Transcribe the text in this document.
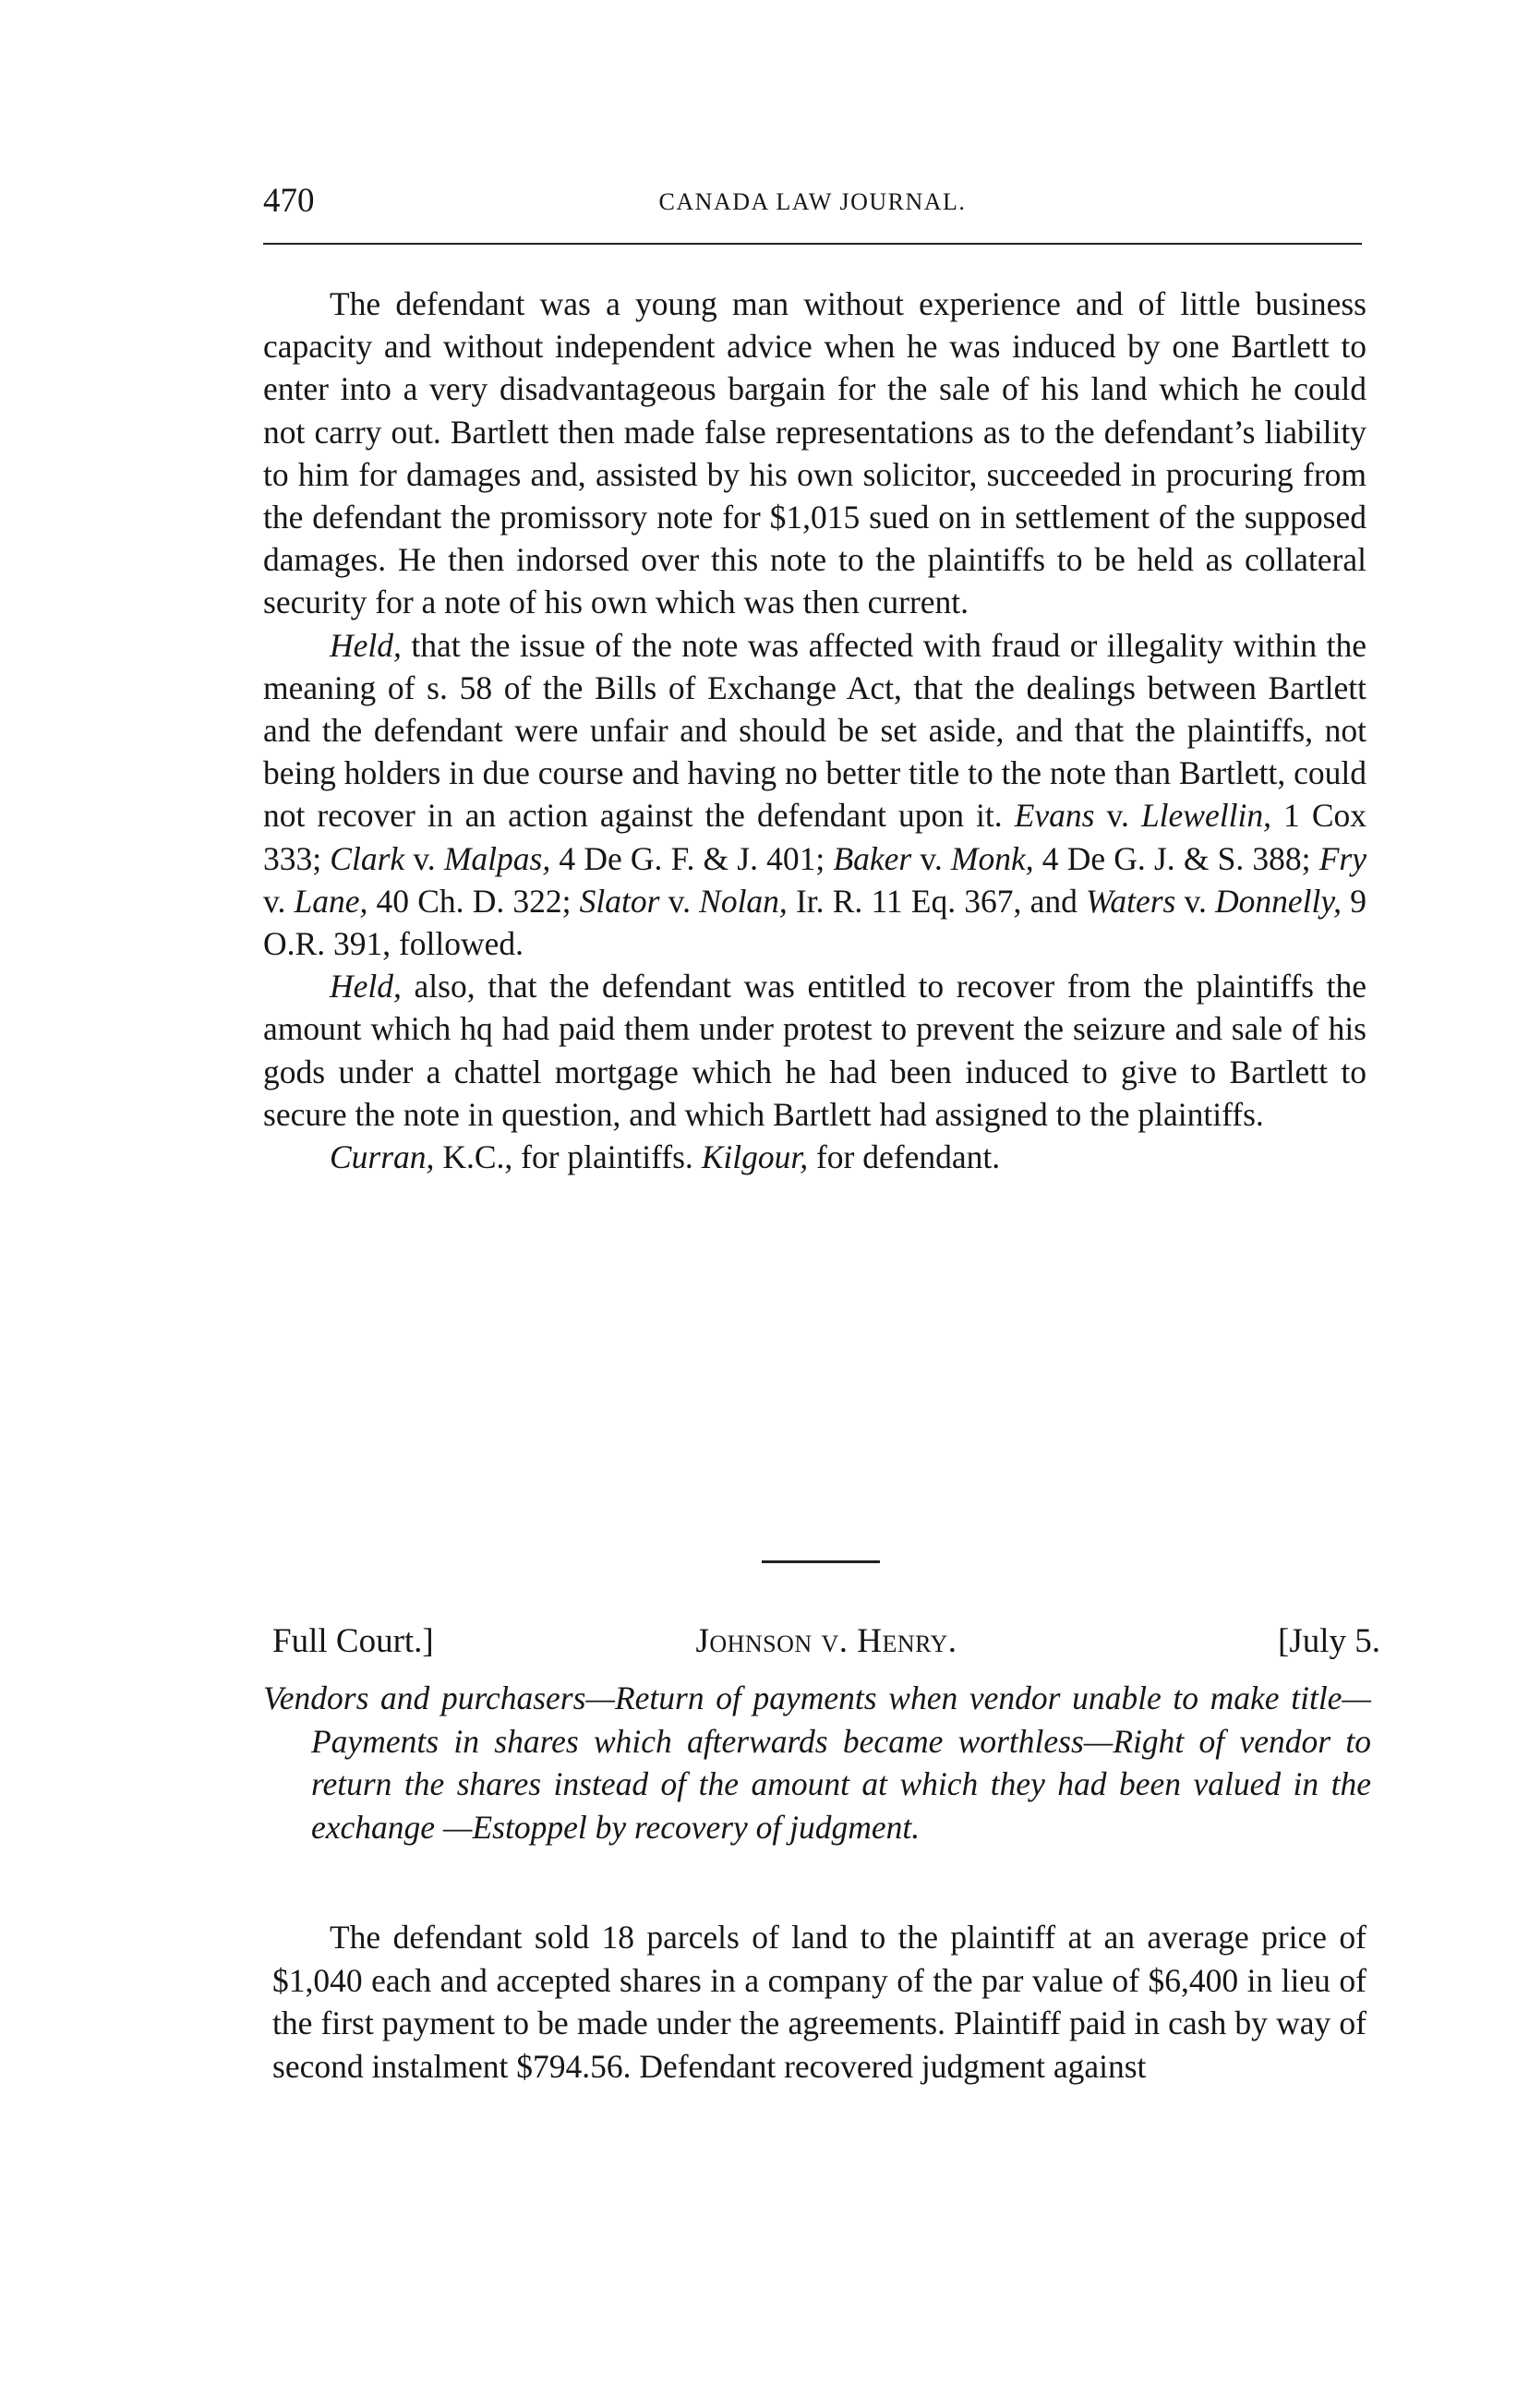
470	CANADA LAW JOURNAL.

The defendant was a young man without experience and of little business capacity and without independent advice when he was induced by one Bartlett to enter into a very disadvantageous bargain for the sale of his land which he could not carry out. Bartlett then made false representations as to the defendant’s liability to him for damages and, assisted by his own solicitor, succeeded in procuring from the defendant the promissory note for $1,015 sued on in settlement of the supposed damages. He then indorsed over this note to the plaintiffs to be held as collateral security for a note of his own which was then current.

Held, that the issue of the note was affected with fraud or illegality within the meaning of s. 58 of the Bills of Exchange Act, that the dealings between Bartlett and the defendant were unfair and should be set aside, and that the plaintiffs, not being holders in due course and having no better title to the note than Bartlett, could not recover in an action against the defendant upon it. Evans v. Llewellin, 1 Cox 333; Clark v. Malpas, 4 De G. F. & J. 401; Baker v. Monk, 4 De G. J. & S. 388; Fry v. Lane, 40 Ch. D. 322; Slator v. Nolan, Ir. R. 11 Eq. 367, and Waters v. Donnelly, 9 O.R. 391, followed.

Held, also, that the defendant was entitled to recover from the plaintiffs the amount which hq had paid them under protest to prevent the seizure and sale of his gods under a chattel mortgage which he had been induced to give to Bartlett to secure the note in question, and which Bartlett had assigned to the plaintiffs.

Curran, K.C., for plaintiffs. Kilgour, for defendant.

Full Court.]	Johnson v. Henry.	[July 5.
Vendors and purchasers—Return of payments when vendor unable to make title—Payments in shares which afterwards became worthless—Right of vendor to return the shares instead of the amount at which they had been valued in the exchange —Estoppel by recovery of judgment.

The defendant sold 18 parcels of land to the plaintiff at an average price of $1,040 each and accepted shares in a company of the par value of $6,400 in lieu of the first payment to be made under the agreements. Plaintiff paid in cash by way of second instalment $794.56. Defendant recovered judgment against
